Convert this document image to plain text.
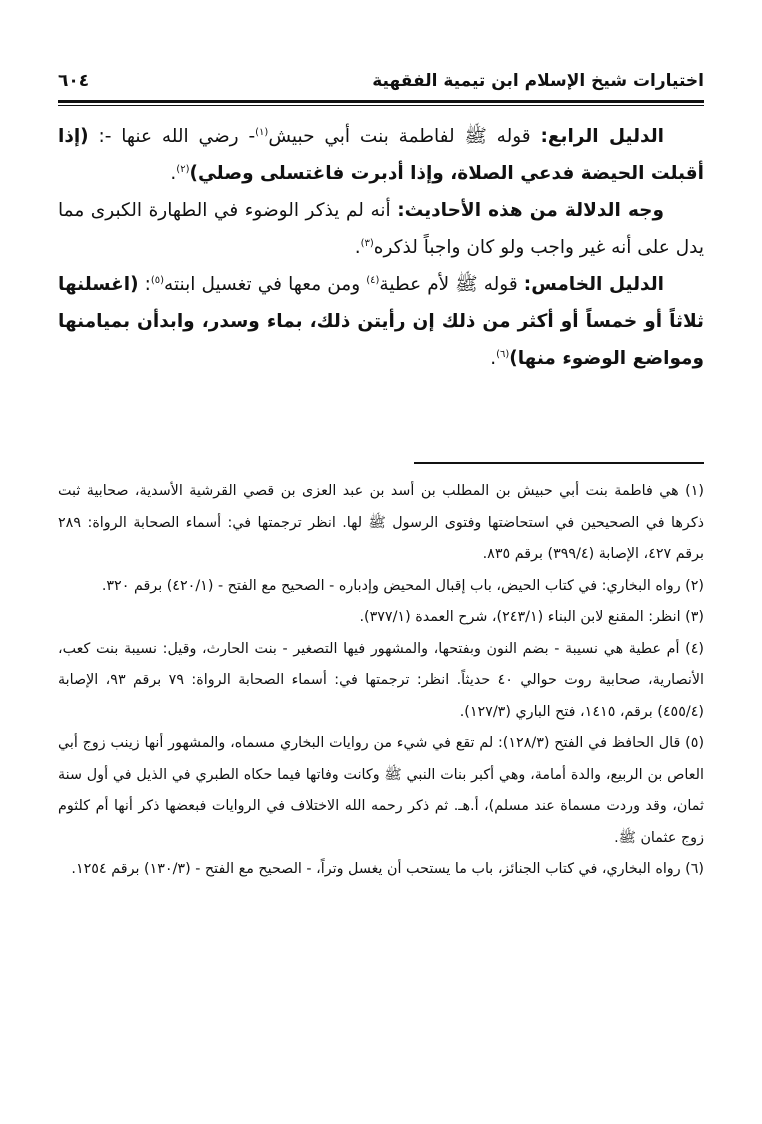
اختيارات شيخ الإسلام ابن تيمية الفقهية
٦٠٤

الدليل الرابع: قوله ﷺ لفاطمة بنت أبي حبيش$^{(١)}$- رضي الله عنها -: (إذا أقبلت الحيضة فدعي الصلاة، وإذا أدبرت فاغتسلى وصلي)$^{(٢)}$.

وجه الدلالة من هذه الأحاديث: أنه لم يذكر الوضوء في الطهارة الكبرى مما يدل على أنه غير واجب ولو كان واجباً لذكره$^{(٣)}$.

الدليل الخامس: قوله ﷺ لأم عطية$^{(٤)}$ ومن معها في تغسيل ابنته$^{(٥)}$: (اغسلنها ثلاثاً أو خمساً أو أكثر من ذلك إن رأيتن ذلك، بماء وسدر، وابدأن بميامنها ومواضع الوضوء منها)$^{(٦)}$.

(١) هي فاطمة بنت أبي حبيش بن المطلب بن أسد بن عبد العزى بن قصي القرشية الأسدية، صحابية ثبت ذكرها في الصحيحين في استحاضتها وفتوى الرسول ﷺ لها. انظر ترجمتها في: أسماء الصحابة الرواة: ٢٨٩ برقم ٤٢٧، الإصابة (٣٩٩/٤) برقم ٨٣٥.

(٢) رواه البخاري: في كتاب الحيض، باب إقبال المحيض وإدباره - الصحيح مع الفتح - (٤٢٠/١) برقم ٣٢٠.

(٣) انظر: المقنع لابن البناء (٢٤٣/١)، شرح العمدة (٣٧٧/١).

(٤) أم عطية هي نسيبة - بضم النون وبفتحها، والمشهور فيها التصغير - بنت الحارث، وقيل: نسيبة بنت كعب، الأنصارية، صحابية روت حوالي ٤٠ حديثاً. انظر: ترجمتها في: أسماء الصحابة الرواة: ٧٩ برقم ٩٣، الإصابة (٤٥٥/٤) برقم، ١٤١٥، فتح الباري (١٢٧/٣).

(٥) قال الحافظ في الفتح (١٢٨/٣): لم تقع في شيء من روايات البخاري مسماه، والمشهور أنها زينب زوج أبي العاص بن الربيع، والدة أمامة، وهي أكبر بنات النبي ﷺ وكانت وفاتها فيما حكاه الطبري في الذيل في أول سنة ثمان، وقد وردت مسماة عند مسلم)، أ.هـ. ثم ذكر رحمه الله الاختلاف في الروايات فبعضها ذكر أنها أم كلثوم زوج عثمان ﷺ.

(٦) رواه البخاري، في كتاب الجنائز، باب ما يستحب أن يغسل وتراً، - الصحيح مع الفتح - (١٣٠/٣) برقم ١٢٥٤.
